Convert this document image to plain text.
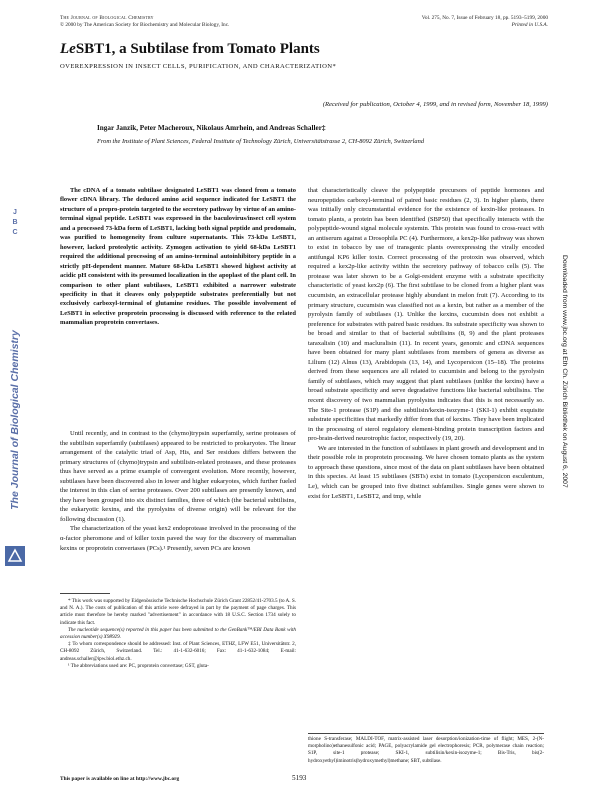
The Journal of Biological Chemistry
© 2000 by The American Society for Biochemistry and Molecular Biology, Inc.
Vol. 275, No. 7, Issue of February 18, pp. 5193–5199, 2000
Printed in U.S.A.
LeSBT1, a Subtilase from Tomato Plants
OVEREXPRESSION IN INSECT CELLS, PURIFICATION, AND CHARACTERIZATION*
(Received for publication, October 4, 1999, and in revised form, November 18, 1999)
Ingar Janzik, Peter Macheroux, Nikolaus Amrhein, and Andreas Schaller‡
From the Institute of Plant Sciences, Federal Institute of Technology Zürich, Universitätstrasse 2, CH-8092 Zürich, Switzerland
J
B
C
The Journal of Biological Chemistry	Downloaded from www.jbc.org at Eth Ch. Zürich Bibliothek on August 6, 2007

The cDNA of a tomato subtilase designated LeSBT1 was cloned from a tomato flower cDNA library. The deduced amino acid sequence indicated for LeSBT1 the structure of a prepro-protein targeted to the secretory pathway by virtue of an amino-terminal signal peptide. LeSBT1 was expressed in the baculovirus/insect cell system and a processed 73-kDa form of LeSBT1, lacking both signal peptide and prodomain, was purified to homogeneity from culture supernatants. This 73-kDa LeSBT1, however, lacked proteolytic activity. Zymogen activation to yield 68-kDa LeSBT1 required the additional processing of an amino-terminal autoinhibitory peptide in a strictly pH-dependent manner. Mature 68-kDa LeSBT1 showed highest activity at acidic pH consistent with its presumed localization in the apoplast of the plant cell. In comparison to other plant subtilases, LeSBT1 exhibited a narrower substrate specificity in that it cleaves only polypeptide substrates preferentially but not exclusively carboxyl-terminal of glutamine residues. The possible involvement of LeSBT1 in selective proprotein processing is discussed with reference to the related mammalian proprotein convertases.

Until recently, and in contrast to the (chymo)trypsin superfamily, serine proteases of the subtilisin superfamily (subtilases) appeared to be restricted to prokaryotes. The linear arrangement of the catalytic triad of Asp, His, and Ser residues differs between the primary structures of (chymo)trypsin and subtilisin-related proteases, and these proteases thus have served as a prime example of convergent evolution. More recently, however, subtilases have been discovered also in lower and higher eukaryotes, which further fueled the interest in this clan of serine proteases. Over 200 subtilases are presently known, and they have been grouped into six distinct families, three of which (the bacterial subtilisins, the eukaryotic kexins, and the pyrolysins of diverse origin) will be relevant for the following discussion (1).

The characterization of the yeast kex2 endoprotease involved in the processing of the α-factor pheromone and of killer toxin paved the way for the discovery of mammalian kexins or proprotein convertases (PCs).¹ Presently, seven PCs are known

* This work was supported by Eidgenössische Technische Hochschule Zürich Grant 22852/41-2703.5 (to A. S. and N. A.). The costs of publication of this article were defrayed in part by the payment of page charges. This article must therefore be hereby marked "advertisement" in accordance with 18 U.S.C. Section 1734 solely to indicate this fact.
The nucleotide sequence(s) reported in this paper has been submitted to the GenBank™/EBI Data Bank with accession number(s) X98929.
‡ To whom correspondence should be addressed: Inst. of Plant Sciences, ETHZ, LFW E51, Universitätstr. 2, CH-8092 Zürich, Switzerland. Tel.: 41-1-632-6016; Fax: 41-1-632-1084; E-mail: andreas.schaller@ipw.biol.ethz.ch.
¹ The abbreviations used are: PC, proprotein convertase; GST, gluta-

that characteristically cleave the polypeptide precursors of peptide hormones and neuropeptides carboxyl-terminal of paired basic residues (2, 3). In higher plants, there was initially only circumstantial evidence for the existence of kexin-like proteases. In tomato plants, a protein has been identified (SBP50) that specifically interacts with the polypeptide-wound signal molecule systemin. This protein was found to cross-react with an antiserum against a Drosophila PC (4). Furthermore, a kex2p-like pathway was shown to exist in tobacco by use of transgenic plants overexpressing the virally encoded antifungal KP6 killer toxin. Correct processing of the protoxin was observed, which required a kex2p-like activity within the secretory pathway of tobacco cells (5). The protease was later shown to be a Golgi-resident enzyme with a substrate specificity characteristic of yeast kex2p (6). The first subtilase to be cloned from a higher plant was cucumisin, an extracellular protease highly abundant in melon fruit (7). According to its primary structure, cucumisin was classified not as a kexin, but rather as a member of the pyrolysin family of subtilases (1). Unlike the kexins, cucumisin does not exhibit a preference for substrates with paired basic residues. Its substrate specificity was shown to be broad and similar to that of bacterial subtilisins (8, 9) and the plant proteases taraxalisin (10) and macluralisin (11). In recent years, genomic and cDNA sequences have been obtained for many plant subtilases from members of genera as diverse as Lilium (12) Alnus (13), Arabidopsis (13, 14), and Lycopersicon (15–18). The proteins derived from these sequences are all related to cucumisin and belong to the pyrolysin family of subtilases, which may suggest that plant subtilases (unlike the kexins) have a broad substrate specificity and serve degradative functions like bacterial subtilisins. The recent discovery of two mammalian pyrolysins indicates that this is not necessarily so. The Site-1 protease (S1P) and the subtilisin/kexin-isozyme-1 (SKI-1) exhibit exquisite substrate specificities that markedly differ from that of kexins. They have been implicated in the processing of sterol regulatory element-binding protein transcription factors and pro-brain-derived neurotrophic factor, respectively (19, 20).

We are interested in the function of subtilases in plant growth and development and in their possible role in proprotein processing. We have chosen tomato plants as the system to approach these questions, since most of the data on plant subtilases have been obtained in this species. At least 15 subtilases (SBTs) exist in tomato (Lycopersicon esculentum, Le), which can be grouped into five distinct subfamilies. Single genes were shown to exist for LeSBT1, LeSBT2, and tmp, while

thione S-transferase; MALDI-TOF, matrix-assisted laser desorption/ionization-time of flight; MES, 2-(N-morpholino)ethanesulfonic acid; PAGE, polyacrylamide gel electrophoresis; PCR, polymerase chain reaction; S1P, site-1 protease; SKI-1, subtilisin/kexin-isozyme-1; Bis-Tris, bis(2-hydroxyethyl)iminotris(hydroxymethyl)methane; SBT, subtilase.
This paper is available on line at http://www.jbc.org	5193
